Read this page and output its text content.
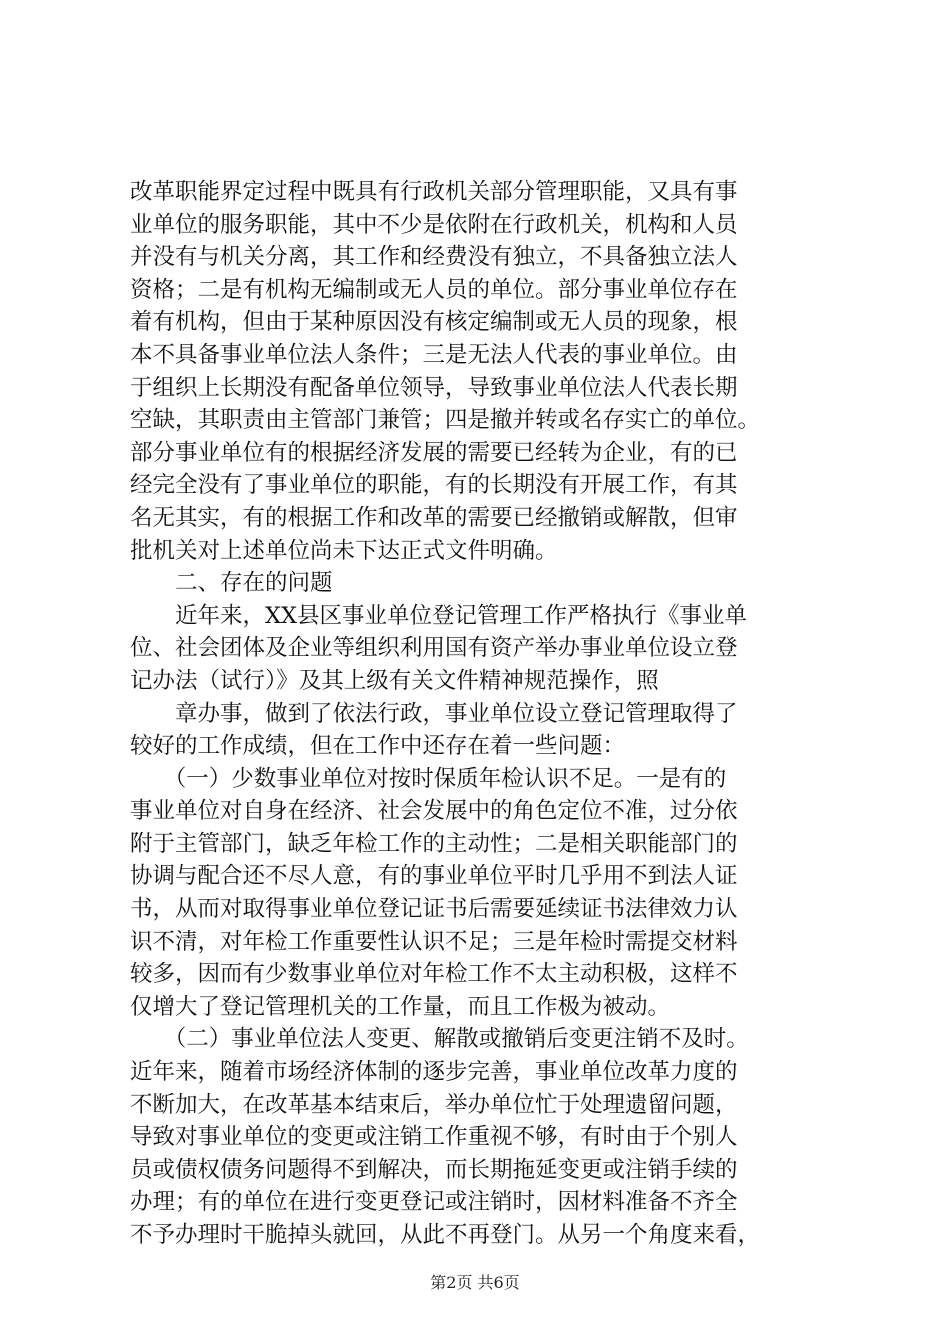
改革职能界定过程中既具有行政机关部分管理职能，又具有事
业单位的服务职能，其中不少是依附在行政机关，机构和人员
并没有与机关分离，其工作和经费没有独立，不具备独立法人
资格；二是有机构无编制或无人员的单位。部分事业单位存在
着有机构，但由于某种原因没有核定编制或无人员的现象，根
本不具备事业单位法人条件；三是无法人代表的事业单位。由
于组织上长期没有配备单位领导，导致事业单位法人代表长期
空缺，其职责由主管部门兼管；四是撤并转或名存实亡的单位。
部分事业单位有的根据经济发展的需要已经转为企业，有的已
经完全没有了事业单位的职能，有的长期没有开展工作，有其
名无其实，有的根据工作和改革的需要已经撤销或解散，但审
批机关对上述单位尚未下达正式文件明确。
　　二、存在的问题
　　近年来，XX县区事业单位登记管理工作严格执行《事业单
位、社会团体及企业等组织利用国有资产举办事业单位设立登
记办法（试行）》及其上级有关文件精神规范操作，照
　　章办事，做到了依法行政，事业单位设立登记管理取得了
较好的工作成绩，但在工作中还存在着一些问题：
　　（一）少数事业单位对按时保质年检认识不足。一是有的
事业单位对自身在经济、社会发展中的角色定位不准，过分依
附于主管部门，缺乏年检工作的主动性；二是相关职能部门的
协调与配合还不尽人意，有的事业单位平时几乎用不到法人证
书，从而对取得事业单位登记证书后需要延续证书法律效力认
识不清，对年检工作重要性认识不足；三是年检时需提交材料
较多，因而有少数事业单位对年检工作不太主动积极，这样不
仅增大了登记管理机关的工作量，而且工作极为被动。
　　（二）事业单位法人变更、解散或撤销后变更注销不及时。
近年来，随着市场经济体制的逐步完善，事业单位改革力度的
不断加大，在改革基本结束后，举办单位忙于处理遗留问题，
导致对事业单位的变更或注销工作重视不够，有时由于个别人
员或债权债务问题得不到解决，而长期拖延变更或注销手续的
办理；有的单位在进行变更登记或注销时，因材料准备不齐全
不予办理时干脆掉头就回，从此不再登门。从另一个角度来看，
第2页 共6页
